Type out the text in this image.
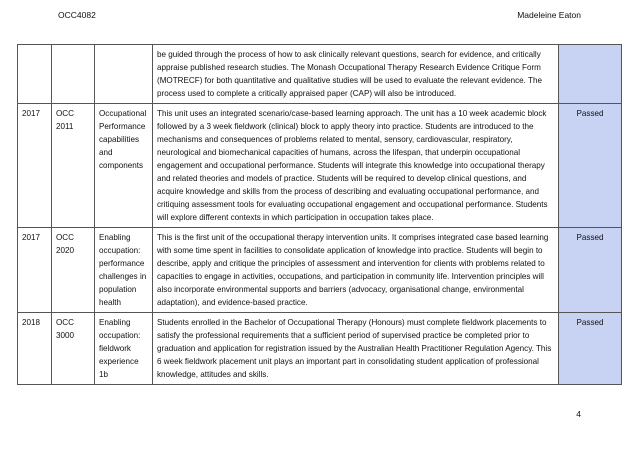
OCC4082	Madeleine Eaton
			be guided through the process of how to ask clinically relevant questions, search for evidence, and critically appraise published research studies. The Monash Occupational Therapy Research Evidence Critique Form (MOTRECF) for both quantitative and qualitative studies will be used to evaluate the relevant evidence. The process used to complete a critically appraised paper (CAP) will also be introduced.	
2017	OCC 2011	Occupational Performance capabilities and components	This unit uses an integrated scenario/case-based learning approach. The unit has a 10 week academic block followed by a 3 week fieldwork (clinical) block to apply theory into practice. Students are introduced to the mechanisms and consequences of problems related to mental, sensory, cardiovascular, respiratory, neurological and biomechanical capacities of humans, across the lifespan, that underpin occupational engagement and occupational performance. Students will integrate this knowledge into occupational therapy and related theories and models of practice. Students will be required to develop clinical questions, and acquire knowledge and skills from the process of describing and evaluating occupational performance, and critiquing assessment tools for evaluating occupational engagement and occupational performance. Students will explore different contexts in which participation in occupation takes place.	Passed
2017	OCC 2020	Enabling occupation: performance challenges in population health	This is the first unit of the occupational therapy intervention units. It comprises integrated case based learning with some time spent in facilities to consolidate application of knowledge into practice. Students will begin to describe, apply and critique the principles of assessment and intervention for clients with problems related to capacities to engage in activities, occupations, and participation in community life. Intervention principles will also incorporate environmental supports and barriers (advocacy, organisational change, environmental adaptation), and evidence-based practice.	Passed
2018	OCC 3000	Enabling occupation: fieldwork experience 1b	Students enrolled in the Bachelor of Occupational Therapy (Honours) must complete fieldwork placements to satisfy the professional requirements that a sufficient period of supervised practice be completed prior to graduation and application for registration issued by the Australian Health Practitioner Regulation Agency. This 6 week fieldwork placement unit plays an important part in consolidating student application of professional knowledge, attitudes and skills.	Passed
4
